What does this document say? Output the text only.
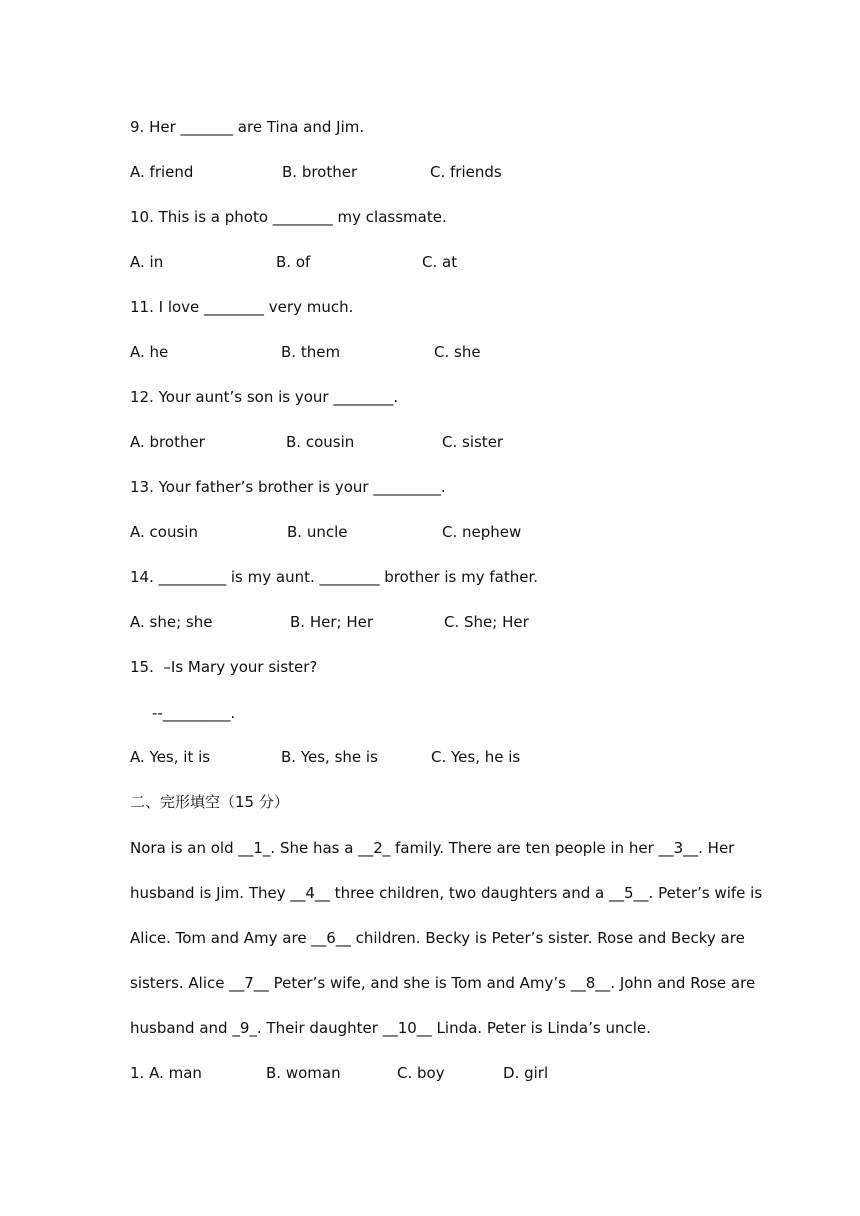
9. Her _______ are Tina and Jim.
A. friend	B. brother	C. friends
10. This is a photo ________ my classmate.
A. in	B. of	C. at
11. I love ________ very much.
A. he	B. them	C. she
12. Your aunt’s son is your ________.
A. brother	B. cousin	C. sister
13. Your father’s brother is your _________.
A. cousin	B. uncle	C. nephew
14. _________ is my aunt. ________ brother is my father.
A. she; she	B. Her; Her	C. She; Her
15.  –Is Mary your sister?
--_________.
A. Yes, it is	B. Yes, she is	C. Yes, he is
二、完形填空（15 分）
Nora is an old __1_. She has a __2_ family. There are ten people in her __3__. Her
husband is Jim. They __4__ three children, two daughters and a __5__. Peter’s wife is
Alice. Tom and Amy are __6__ children. Becky is Peter’s sister. Rose and Becky are
sisters. Alice __7__ Peter’s wife, and she is Tom and Amy’s __8__. John and Rose are
husband and _9_. Their daughter __10__ Linda. Peter is Linda’s uncle.
1. A. man	B. woman	C. boy	D. girl
